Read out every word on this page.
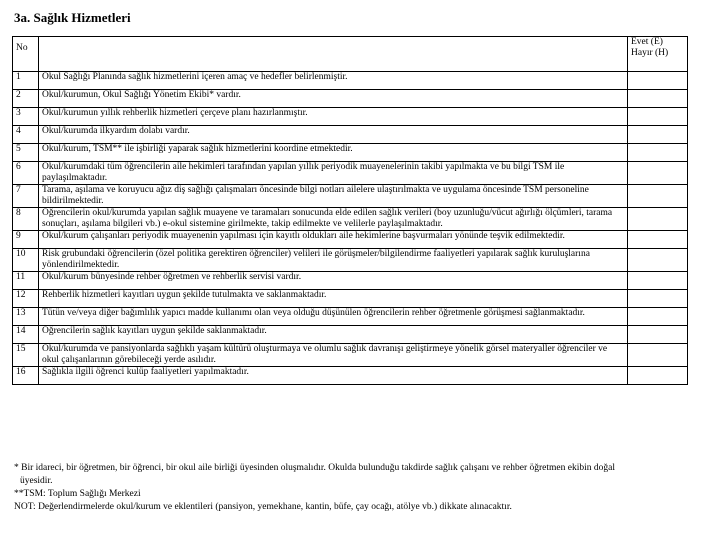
3a. Sağlık Hizmetleri
No		Evet (E)
Hayır (H)

1	Okul Sağlığı Planında sağlık hizmetlerini içeren amaç ve hedefler belirlenmiştir.	
2	Okul/kurumun, Okul Sağlığı Yönetim Ekibi* vardır.	
3	Okul/kurumun yıllık rehberlik hizmetleri çerçeve planı hazırlanmıştır.	
4	Okul/kurumda ilkyardım dolabı vardır.	
5	Okul/kurum, TSM** ile işbirliği yaparak sağlık hizmetlerini koordine etmektedir.	
6	Okul/kurumdaki tüm öğrencilerin aile hekimleri tarafından yapılan yıllık periyodik muayenelerinin takibi yapılmakta ve bu bilgi TSM ile paylaşılmaktadır.	
7	Tarama, aşılama ve koruyucu ağız diş sağlığı çalışmaları öncesinde bilgi notları ailelere ulaştırılmakta ve uygulama öncesinde TSM personeline bildirilmektedir.	
8	Öğrencilerin okul/kurumda yapılan sağlık muayene ve taramaları sonucunda elde edilen sağlık verileri (boy uzunluğu/vücut ağırlığı ölçümleri, tarama sonuçları, aşılama bilgileri vb.) e-okul sistemine girilmekte, takip edilmekte ve velilerle paylaşılmaktadır.	
9	Okul/kurum çalışanları periyodik muayenenin yapılması için kayıtlı oldukları aile hekimlerine başvurmaları yönünde teşvik edilmektedir.	
10	Risk grubundaki öğrencilerin (özel politika gerektiren öğrenciler) velileri ile görüşmeler/bilgilendirme faaliyetleri yapılarak sağlık kuruluşlarına yönlendirilmektedir.	
11	Okul/kurum bünyesinde rehber öğretmen ve rehberlik servisi vardır.	
12	Rehberlik hizmetleri kayıtları uygun şekilde tutulmakta ve saklanmaktadır.	
13	Tütün ve/veya diğer bağımlılık yapıcı madde kullanımı olan veya olduğu düşünülen öğrencilerin rehber öğretmenle görüşmesi sağlanmaktadır.	
14	Öğrencilerin sağlık kayıtları uygun şekilde saklanmaktadır.	
15	Okul/kurumda ve pansiyonlarda sağlıklı yaşam kültürü oluşturmaya ve olumlu sağlık davranışı geliştirmeye yönelik görsel materyaller öğrenciler ve okul çalışanlarının görebileceği yerde asılıdır.	
16	Sağlıkla ilgili öğrenci kulüp faaliyetleri yapılmaktadır.	

* Bir idareci, bir öğretmen, bir öğrenci, bir okul aile birliği üyesinden oluşmalıdır. Okulda bulunduğu takdirde sağlık çalışanı ve rehber öğretmen ekibin doğal

üyesidir.

**TSM: Toplum Sağlığı Merkezi

NOT: Değerlendirmelerde okul/kurum ve eklentileri (pansiyon, yemekhane, kantin, büfe, çay ocağı, atölye vb.) dikkate alınacaktır.
